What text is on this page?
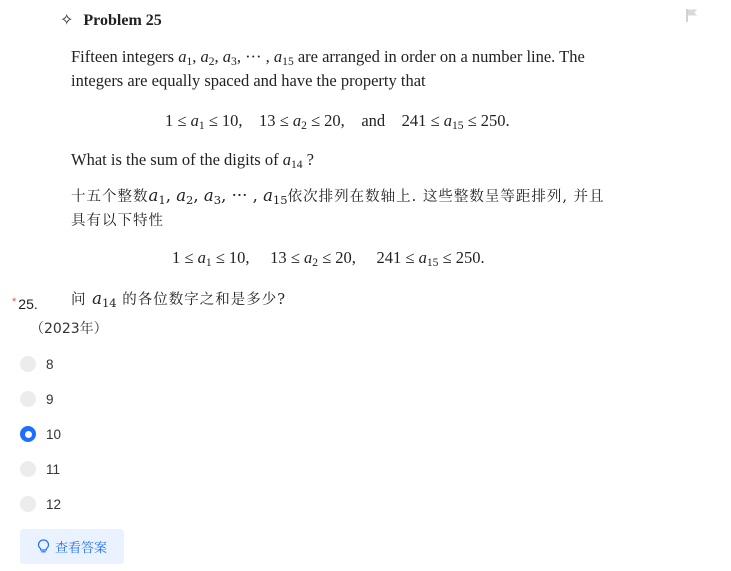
✧ Problem 25
Fifteen integers $a_1$, $a_2$, $a_3$, ··· , $a_{15}$ are arranged in order on a number line. The
integers are equally spaced and have the property that
$1 \le a_1 \le 10$,    $13 \le a_2 \le 20$,    and    $241 \le a_{15} \le 250$.
What is the sum of the digits of $a_{14}$ ?
十五个整数$a_1$, $a_2$, $a_3$, ··· , $a_{15}$依次排列在数轴上. 这些整数呈等距排列, 并且
具有以下特性
$1 \le a_1 \le 10$,     $13 \le a_2 \le 20$,     $241 \le a_{15} \le 250$.
问 $a_{14}$ 的各位数字之和是多少?
* 25.
（2023年）
8
9
10
11
12
查看答案
